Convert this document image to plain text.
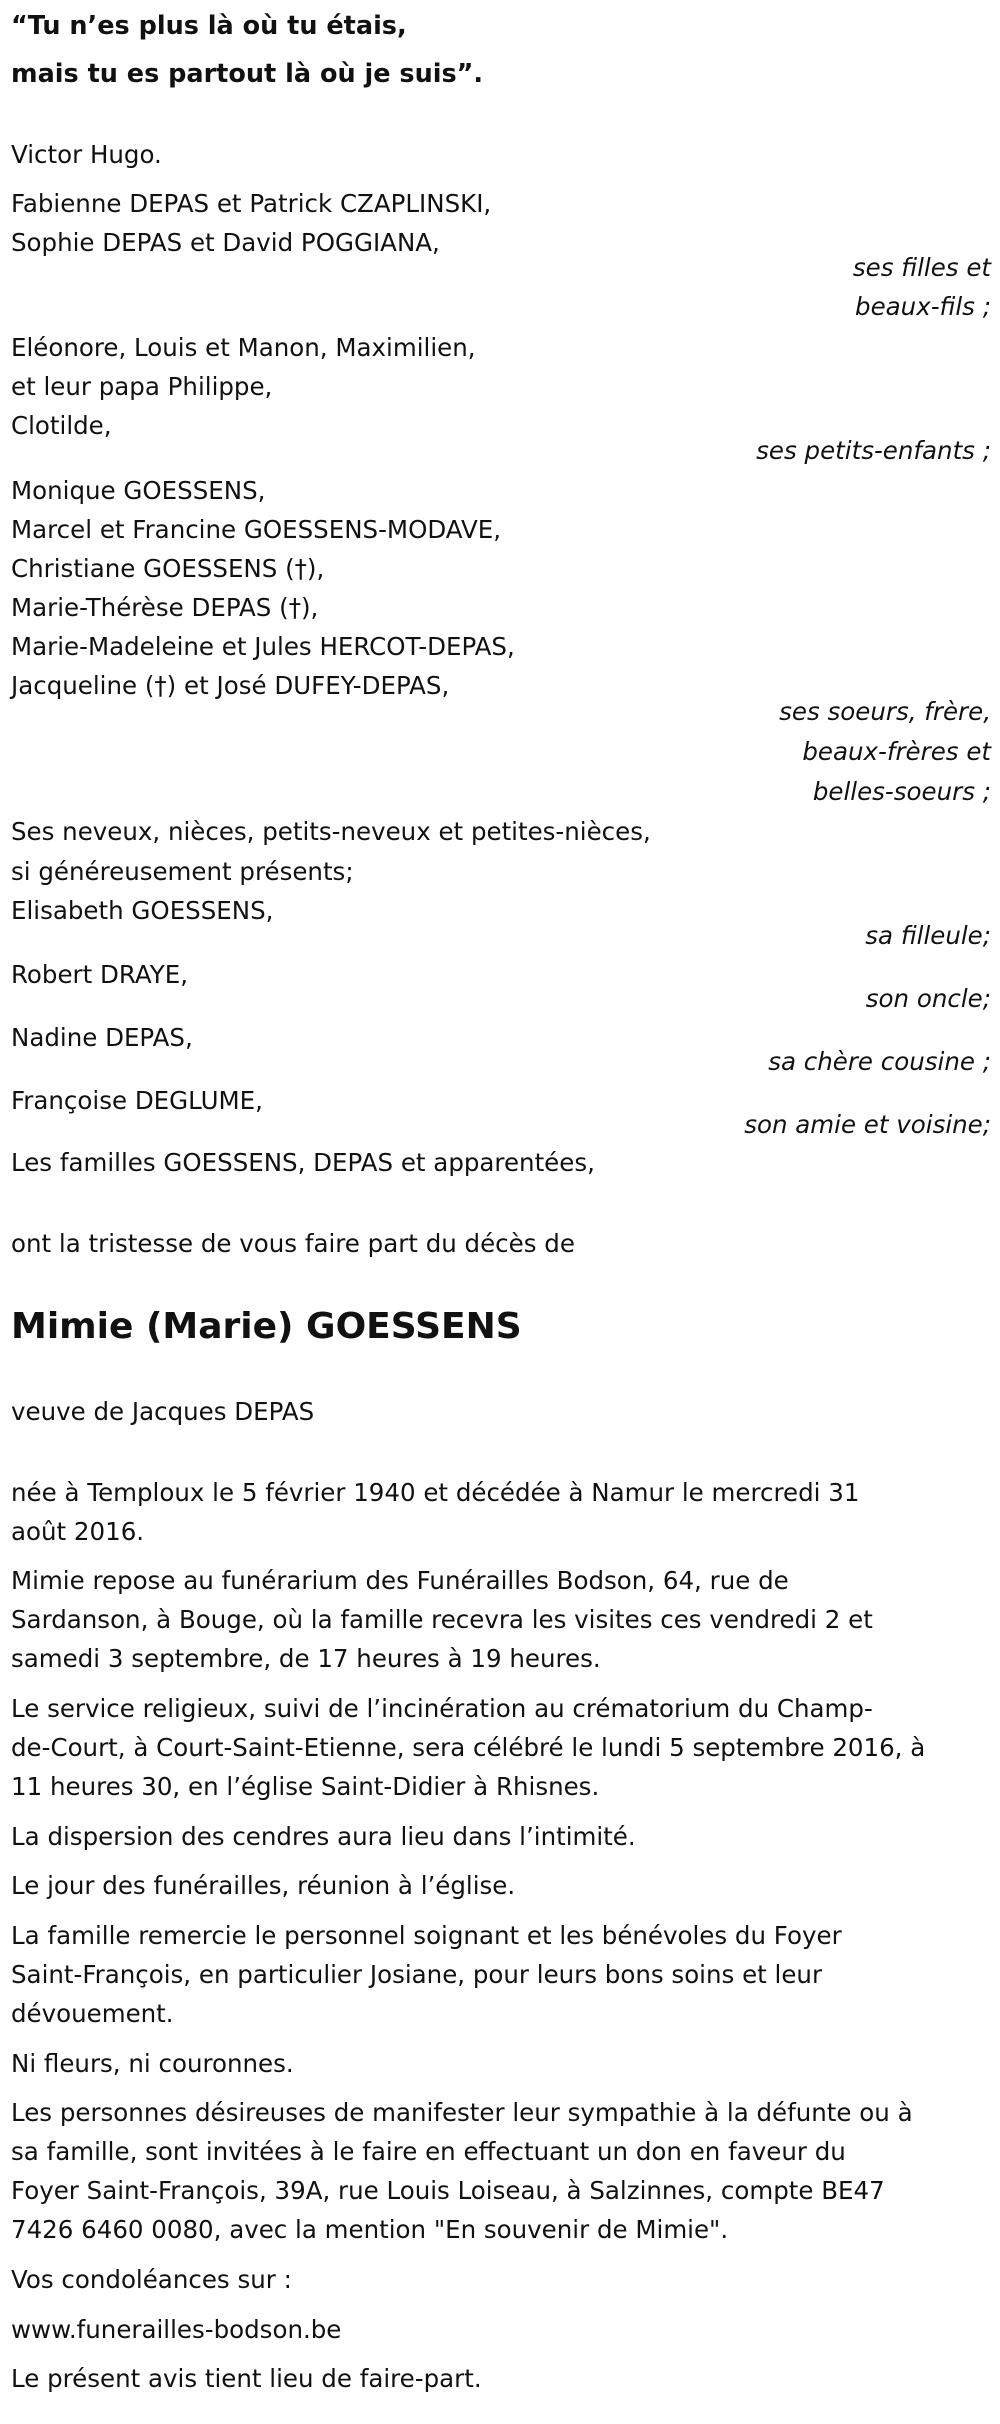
“Tu n’es plus là où tu étais,
mais tu es partout là où je suis”.
Victor Hugo.
Fabienne DEPAS et Patrick CZAPLINSKI,
Sophie DEPAS et David POGGIANA,
ses filles et
beaux-fils ;
Eléonore, Louis et Manon, Maximilien,
et leur papa Philippe,
Clotilde,
ses petits-enfants ;
Monique GOESSENS,
Marcel et Francine GOESSENS-MODAVE,
Christiane GOESSENS (†),
Marie-Thérèse DEPAS (†),
Marie-Madeleine et Jules HERCOT-DEPAS,
Jacqueline (†) et José DUFEY-DEPAS,
ses soeurs, frère,
beaux-frères et
belles-soeurs ;
Ses neveux, nièces, petits-neveux et petites-nièces,
si généreusement présents;
Elisabeth GOESSENS,
sa filleule;
Robert DRAYE,
son oncle;
Nadine DEPAS,
sa chère cousine ;
Françoise DEGLUME,
son amie et voisine;
Les familles GOESSENS, DEPAS et apparentées,
ont la tristesse de vous faire part du décès de
Mimie (Marie) GOESSENS
veuve de Jacques DEPAS
née à Temploux le 5 février 1940 et décédée à Namur le mercredi 31
août 2016.
Mimie repose au funérarium des Funérailles Bodson, 64, rue de
Sardanson, à Bouge, où la famille recevra les visites ces vendredi 2 et
samedi 3 septembre, de 17 heures à 19 heures.
Le service religieux, suivi de l’incinération au crématorium du Champ-
de-Court, à Court-Saint-Etienne, sera célébré le lundi 5 septembre 2016, à
11 heures 30, en l’église Saint-Didier à Rhisnes.
La dispersion des cendres aura lieu dans l’intimité.
Le jour des funérailles, réunion à l’église.
La famille remercie le personnel soignant et les bénévoles du Foyer
Saint-François, en particulier Josiane, pour leurs bons soins et leur
dévouement.
Ni fleurs, ni couronnes.
Les personnes désireuses de manifester leur sympathie à la défunte ou à
sa famille, sont invitées à le faire en effectuant un don en faveur du
Foyer Saint-François, 39A, rue Louis Loiseau, à Salzinnes, compte BE47
7426 6460 0080, avec la mention "En souvenir de Mimie".
Vos condoléances sur :
www.funerailles-bodson.be
Le présent avis tient lieu de faire-part.
